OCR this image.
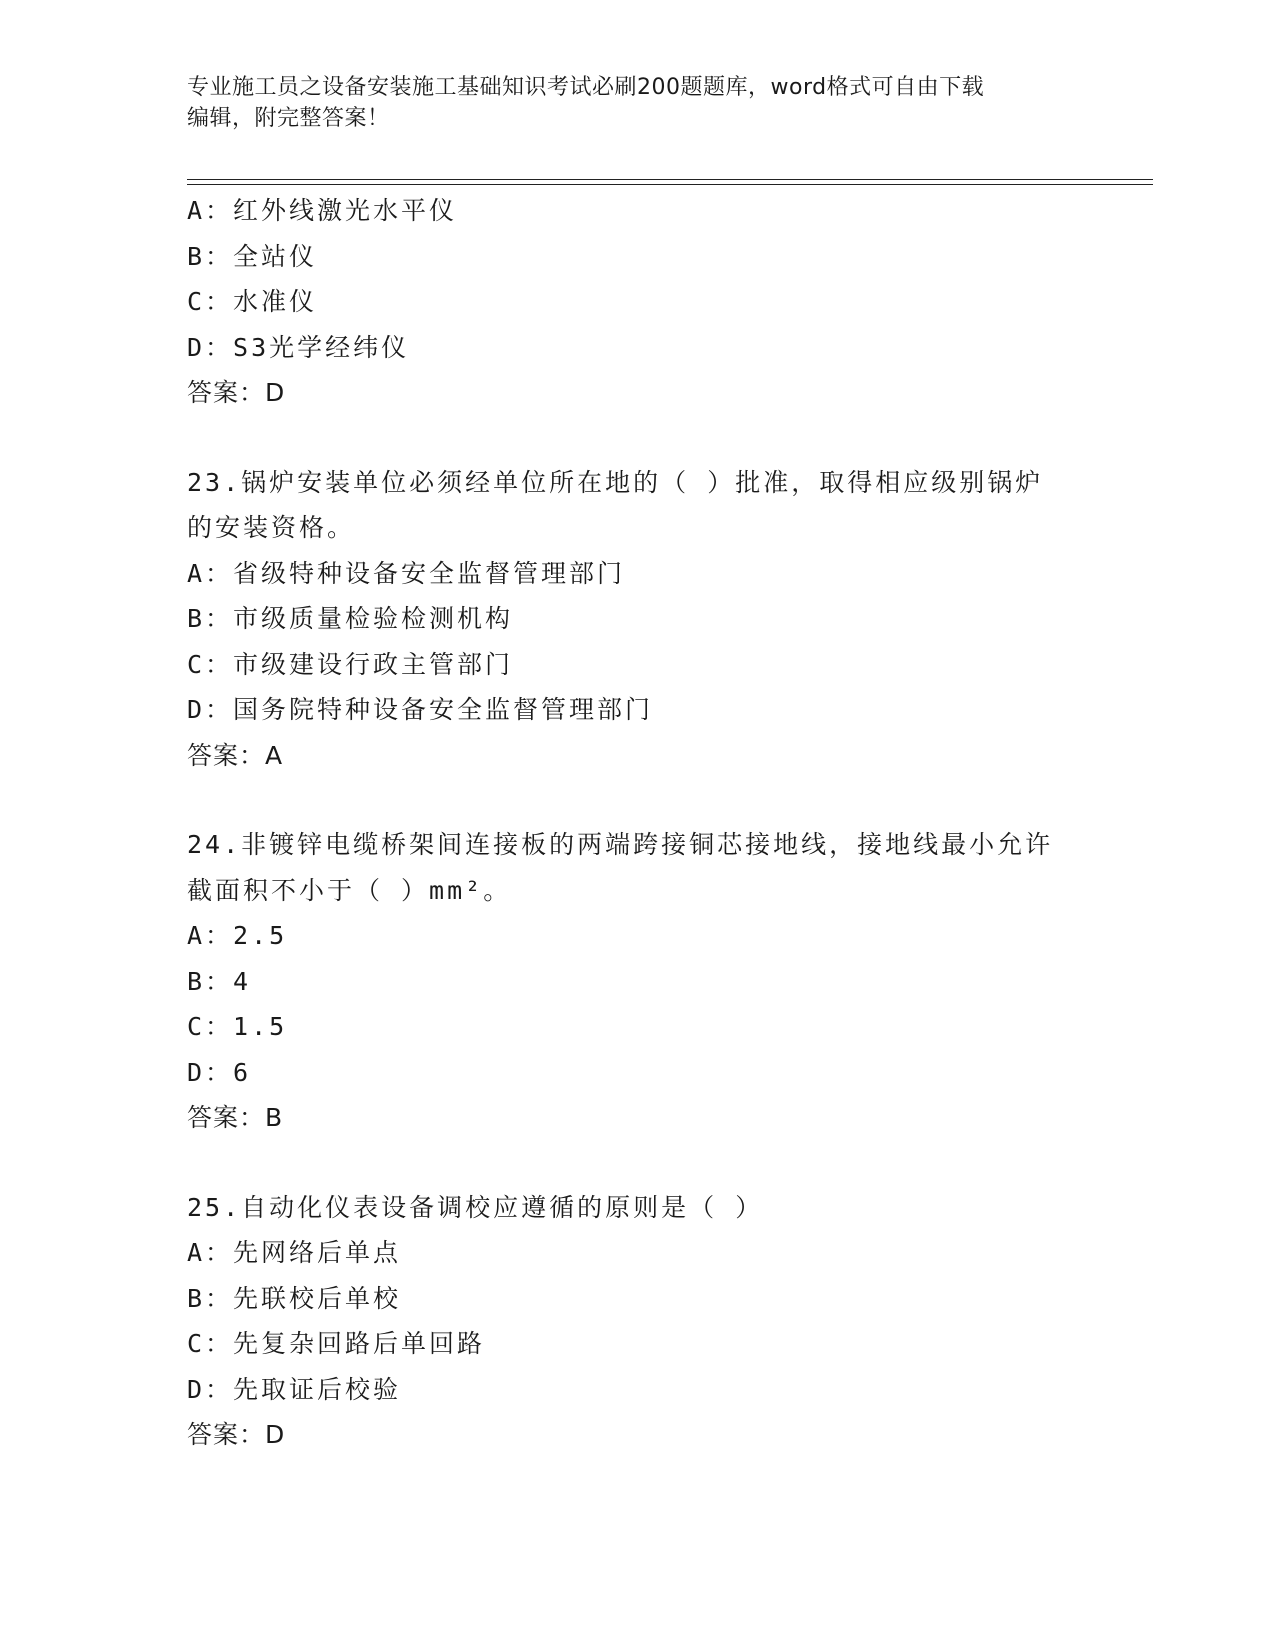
专业施工员之设备安装施工基础知识考试必刷200题题库，word格式可自由下载
编辑，附完整答案！
A：红外线激光水平仪
B：全站仪
C：水准仪
D：S3光学经纬仪
答案：D
23.锅炉安装单位必须经单位所在地的（ ）批准，取得相应级别锅炉
的安装资格。
A：省级特种设备安全监督管理部门
B：市级质量检验检测机构
C：市级建设行政主管部门
D：国务院特种设备安全监督管理部门
答案：A
24.非镀锌电缆桥架间连接板的两端跨接铜芯接地线，接地线最小允许
截面积不小于（ ）mm²。
A：2.5
B：4
C：1.5
D：6
答案：B
25.自动化仪表设备调校应遵循的原则是（ ）
A：先网络后单点
B：先联校后单校
C：先复杂回路后单回路
D：先取证后校验
答案：D
